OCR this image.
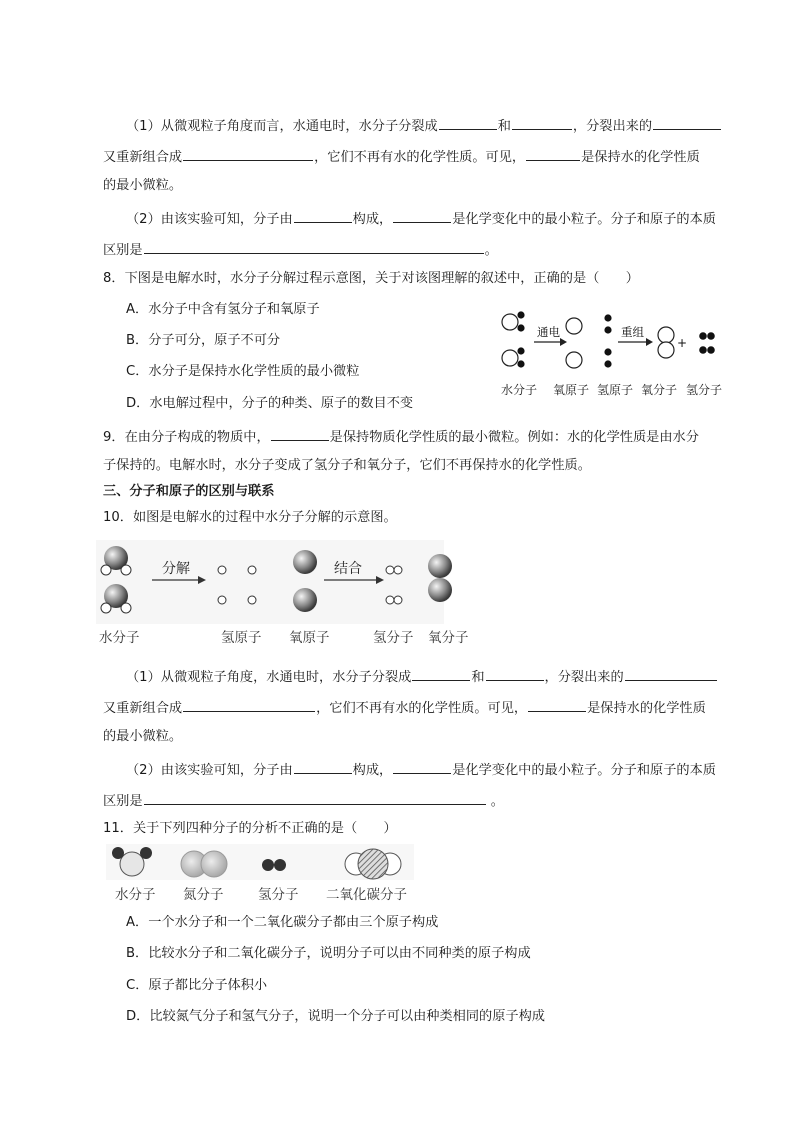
（1）从微观粒子角度而言，水通电时，水分子分裂成	和	，分裂出来的
又重新组合成	，它们不再有水的化学性质。可见，	是保持水的化学性质
的最小微粒。
（2）由该实验可知，分子由	构成，	是化学变化中的最小粒子。分子和原子的本质
区别是	。
8．下图是电解水时，水分子分解过程示意图，关于对该图理解的叙述中，正确的是（　　）
A．水分子中含有氢分子和氧原子
B．分子可分，原子不可分
C．水分子是保持水化学性质的最小微粒
D．水电解过程中，分子的种类、原子的数目不变
通电	重组
+
水分子 氧原子 氢原子 氧分子 氢分子
9．在由分子构成的物质中，	是保持物质化学性质的最小微粒。例如：水的化学性质是由水分
子保持的。电解水时，水分子变成了氢分子和氧分子，它们不再保持水的化学性质。
三、分子和原子的区别与联系
10．如图是电解水的过程中水分子分解的示意图。
分解	结合
水分子	氢原子 氧原子	氢分子 氧分子
（1）从微观粒子角度，水通电时，水分子分裂成	和	，分裂出来的
又重新组合成	，它们不再有水的化学性质。可见，	是保持水的化学性质
的最小微粒。
（2）由该实验可知，分子由	构成，	是化学变化中的最小粒子。分子和原子的本质
区别是	。
11．关于下列四种分子的分析不正确的是（　　）
水分子 氮分子	氢分子 二氧化碳分子
A．一个水分子和一个二氧化碳分子都由三个原子构成
B．比较水分子和二氧化碳分子，说明分子可以由不同种类的原子构成
C．原子都比分子体积小
D．比较氮气分子和氢气分子，说明一个分子可以由种类相同的原子构成
